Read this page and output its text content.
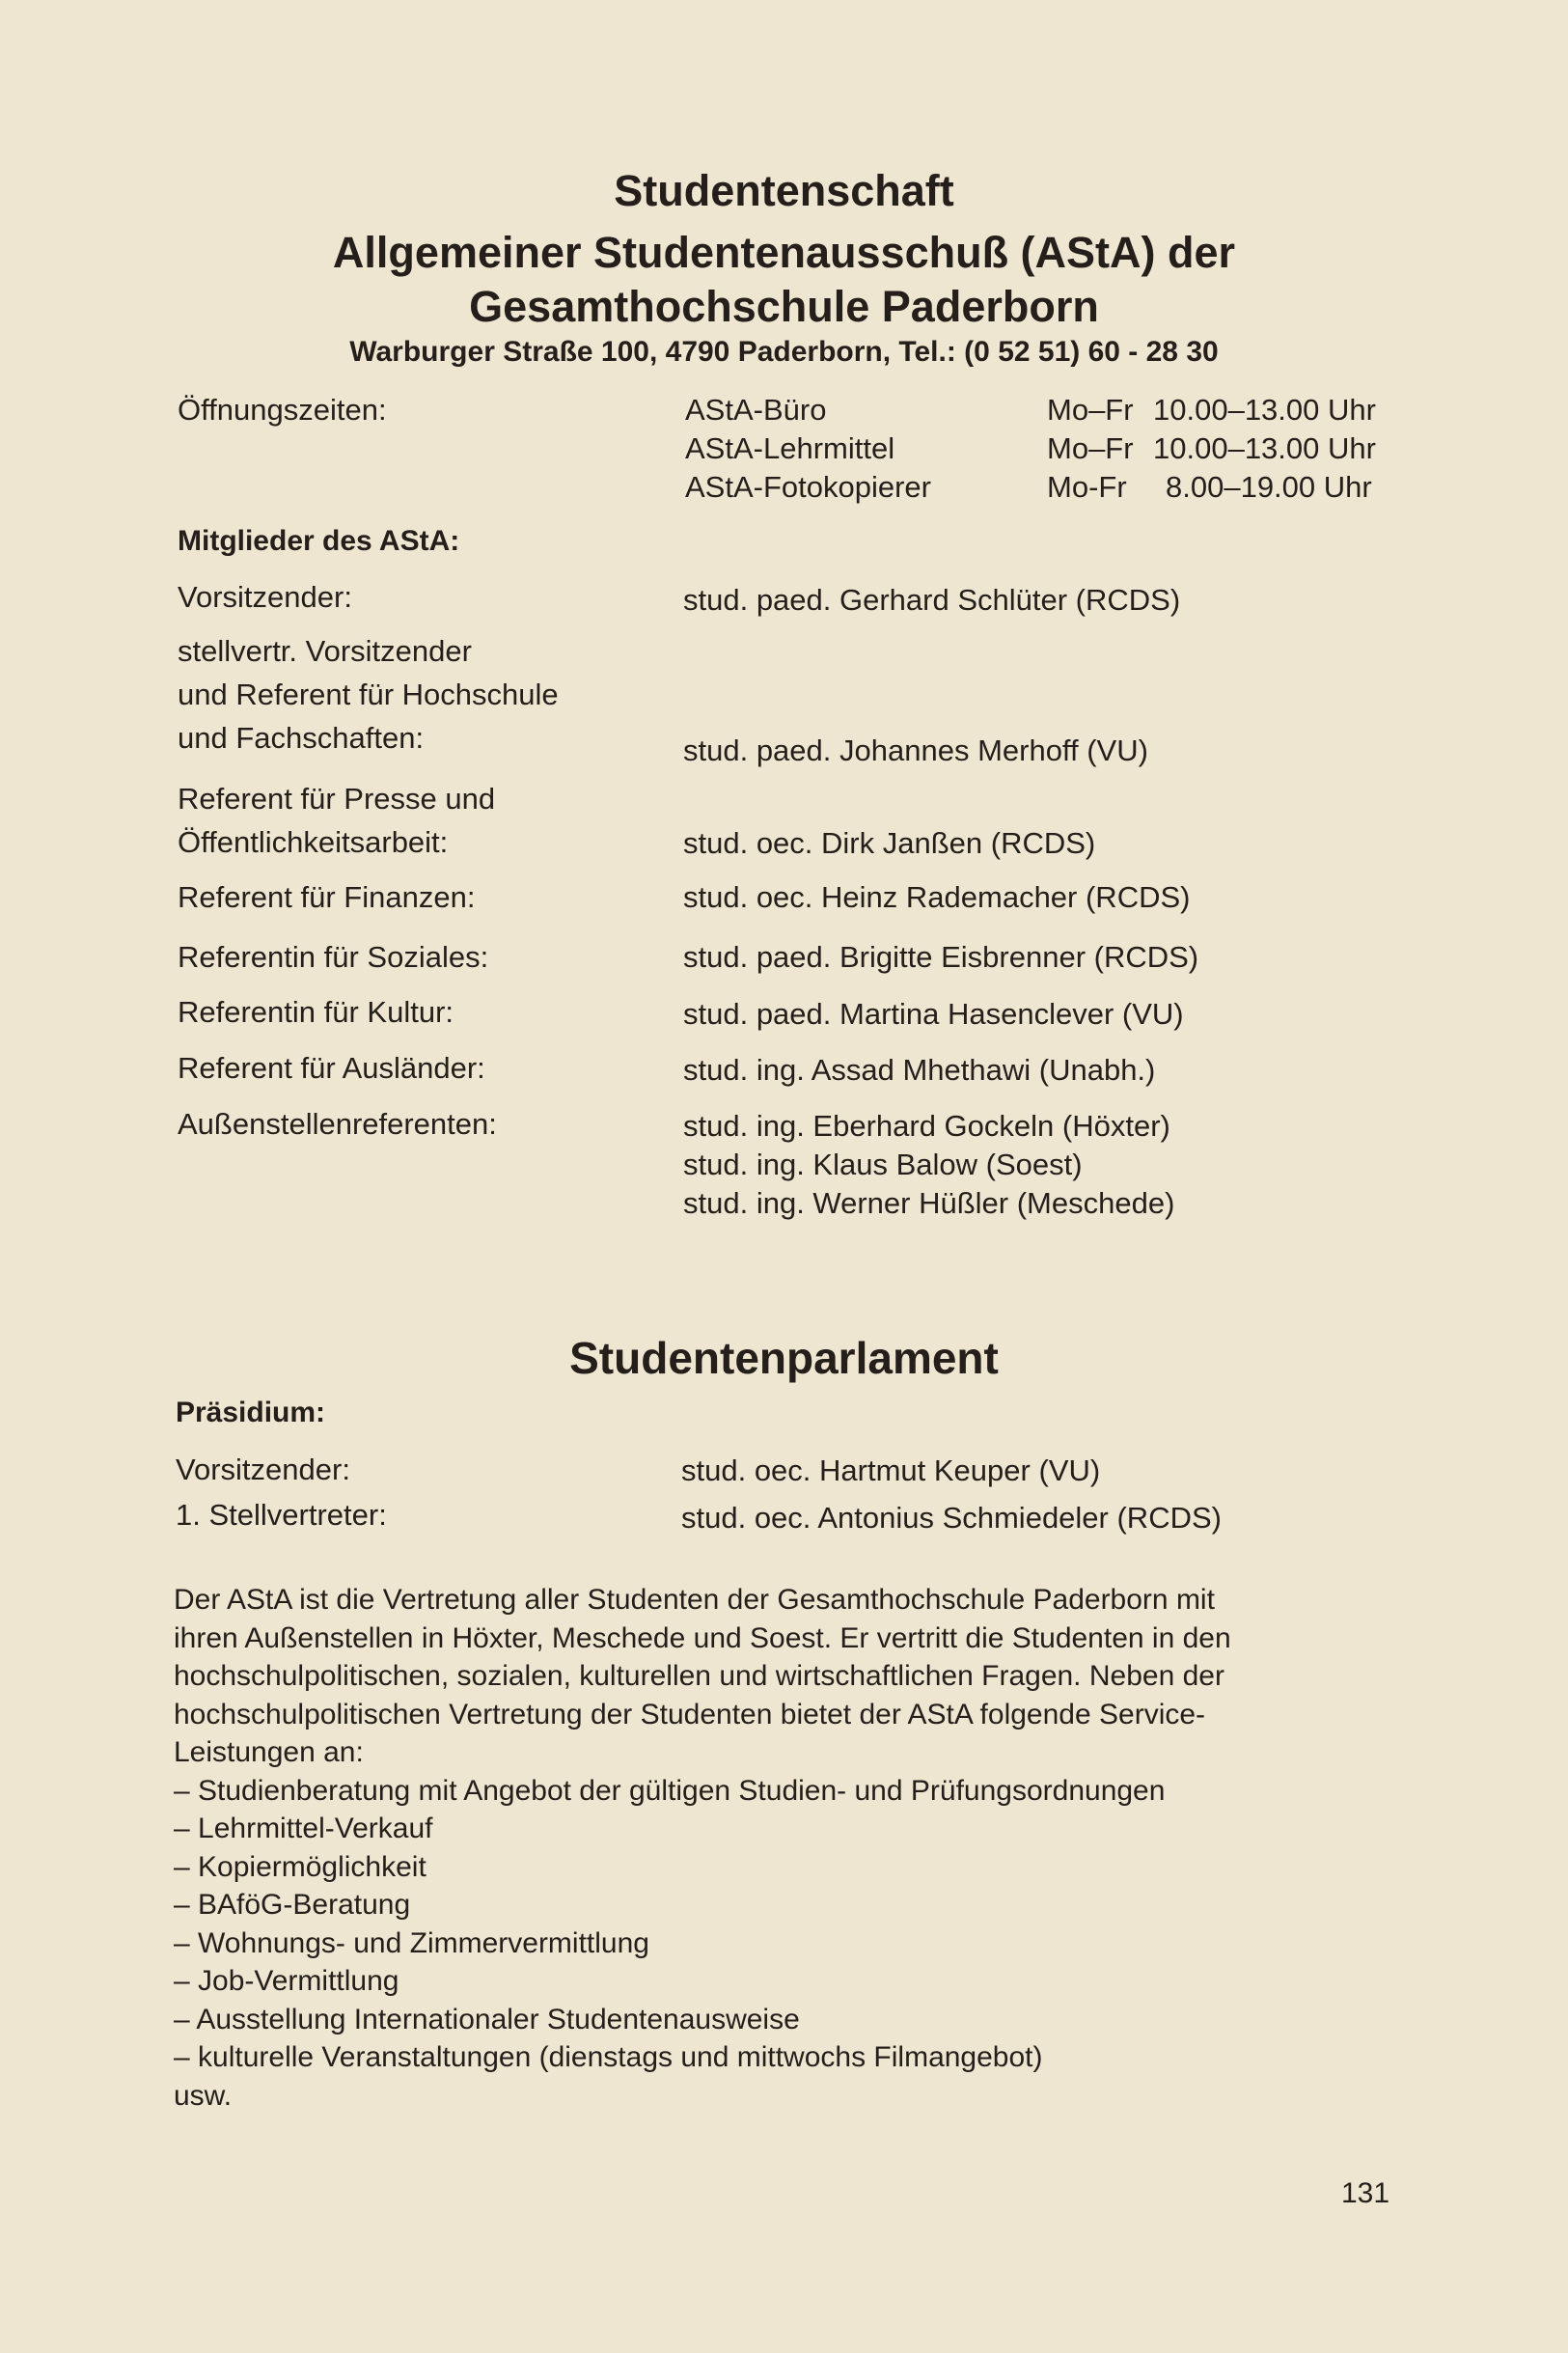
Studentenschaft
Allgemeiner Studentenausschuß (AStA) der
Gesamthochschule Paderborn
Warburger Straße 100, 4790 Paderborn, Tel.: (0 52 51) 60 - 28 30
Öffnungszeiten:	AStA-Büro	Mo–Fr 10.00–13.00 Uhr
AStA-Lehrmittel	Mo–Fr 10.00–13.00 Uhr
AStA-Fotokopierer	Mo-Fr 8.00–19.00 Uhr
Mitglieder des AStA:
Vorsitzender:	stud. paed. Gerhard Schlüter (RCDS)
stellvertr. Vorsitzender
und Referent für Hochschule
und Fachschaften:	stud. paed. Johannes Merhoff (VU)
Referent für Presse und
Öffentlichkeitsarbeit:	stud. oec. Dirk Janßen (RCDS)
Referent für Finanzen:	stud. oec. Heinz Rademacher (RCDS)
Referentin für Soziales:	stud. paed. Brigitte Eisbrenner (RCDS)
Referentin für Kultur:	stud. paed. Martina Hasenclever (VU)
Referent für Ausländer:	stud. ing. Assad Mhethawi (Unabh.)
Außenstellenreferenten:	stud. ing. Eberhard Gockeln (Höxter)
stud. ing. Klaus Balow (Soest)
stud. ing. Werner Hüßler (Meschede)
Studentenparlament
Präsidium:
Vorsitzender:	stud. oec. Hartmut Keuper (VU)
1. Stellvertreter:	stud. oec. Antonius Schmiedeler (RCDS)
Der AStA ist die Vertretung aller Studenten der Gesamthochschule Paderborn mit
ihren Außenstellen in Höxter, Meschede und Soest. Er vertritt die Studenten in den
hochschulpolitischen, sozialen, kulturellen und wirtschaftlichen Fragen. Neben der
hochschulpolitischen Vertretung der Studenten bietet der AStA folgende Service-
Leistungen an:
– Studienberatung mit Angebot der gültigen Studien- und Prüfungsordnungen
– Lehrmittel-Verkauf
– Kopiermöglichkeit
– BAföG-Beratung
– Wohnungs- und Zimmervermittlung
– Job-Vermittlung
– Ausstellung Internationaler Studentenausweise
– kulturelle Veranstaltungen (dienstags und mittwochs Filmangebot)
usw.
131
